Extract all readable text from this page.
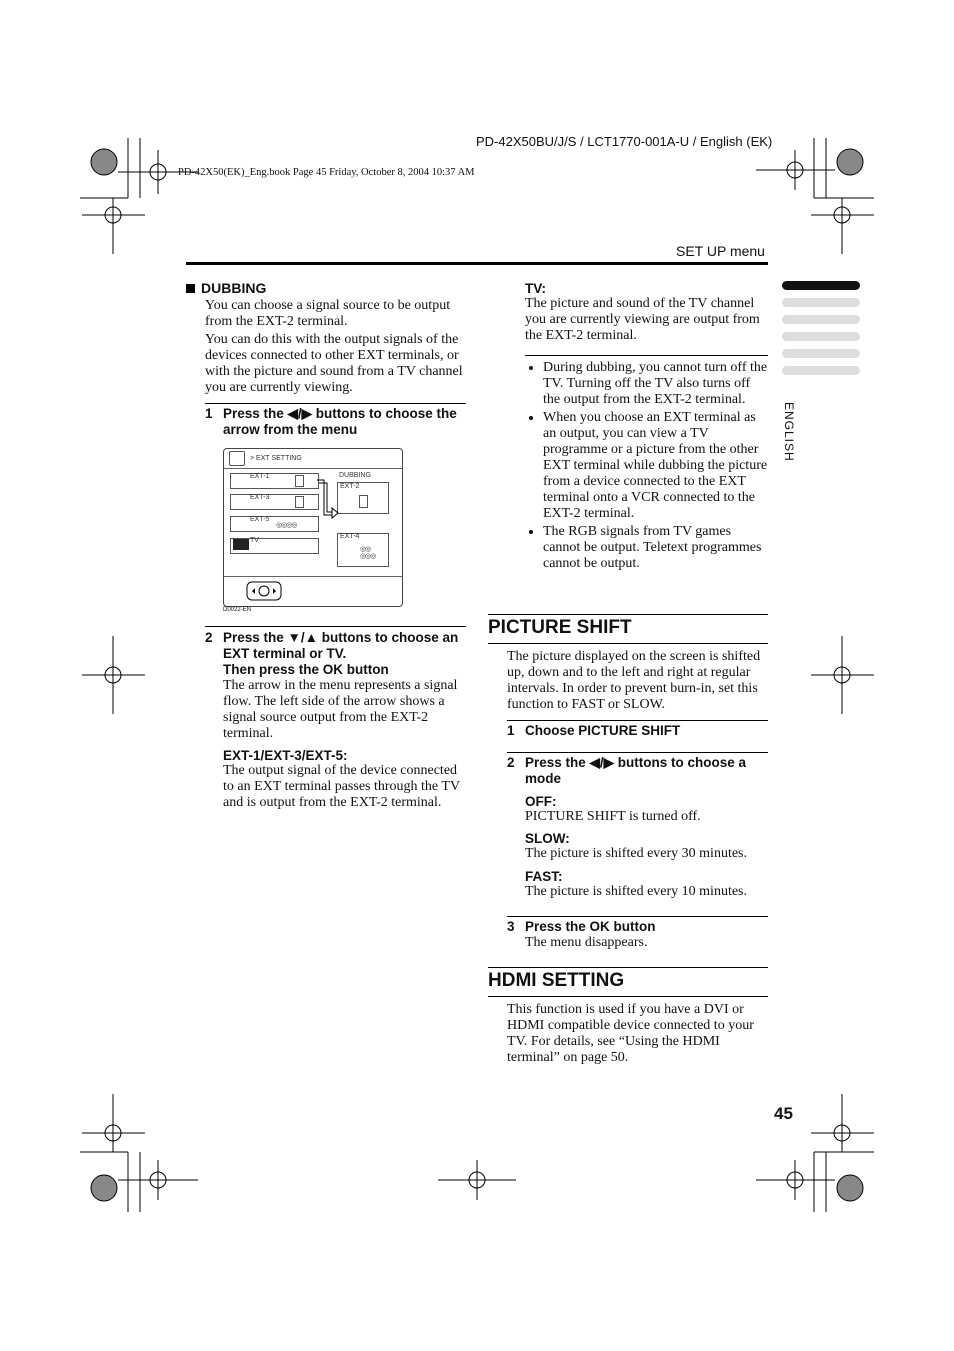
PD-42X50BU/J/S / LCT1770-001A-U / English (EK)
PD-42X50(EK)_Eng.book Page 45 Friday, October 8, 2004 10:37 AM
SET UP menu
ENGLISH
DUBBING

You can choose a signal source to be output from the EXT-2 terminal.

You can do this with the output signals of the devices connected to other EXT terminals, or with the picture and sound from a TV channel you are currently viewing.

1 Press the ◀/▶ buttons to choose the arrow from the menu
> EXT SETTING
EXT-1
EXT-3
EXT-5
◎◎◎◎
TV
DUBBING
EXT-2
EXT-4
◎◎
◎◎◎
D0022-EN
2 Press the ▼/▲ buttons to choose an EXT terminal or TV.
Then press the OK button

The arrow in the menu represents a signal flow. The left side of the arrow shows a signal source output from the EXT-2 terminal.

EXT-1/EXT-3/EXT-5:

The output signal of the device connected to an EXT terminal passes through the TV and is output from the EXT-2 terminal.

TV:

The picture and sound of the TV channel you are currently viewing are output from the EXT-2 terminal.

• During dubbing, you cannot turn off the TV. Turning off the TV also turns off the output from the EXT-2 terminal.
• When you choose an EXT terminal as an output, you can view a TV programme or a picture from the other EXT terminal while dubbing the picture from a device connected to the EXT terminal onto a VCR connected to the EXT-2 terminal.
• The RGB signals from TV games cannot be output. Teletext programmes cannot be output.
PICTURE SHIFT

The picture displayed on the screen is shifted up, down and to the left and right at regular intervals. In order to prevent burn-in, set this function to FAST or SLOW.

1 Choose PICTURE SHIFT
2 Press the ◀/▶ buttons to choose a mode
OFF:

PICTURE SHIFT is turned off.

SLOW:

The picture is shifted every 30 minutes.

FAST:

The picture is shifted every 10 minutes.

3 Press the OK button

The menu disappears.

HDMI SETTING

This function is used if you have a DVI or HDMI compatible device connected to your TV. For details, see “Using the HDMI terminal” on page 50.

45
